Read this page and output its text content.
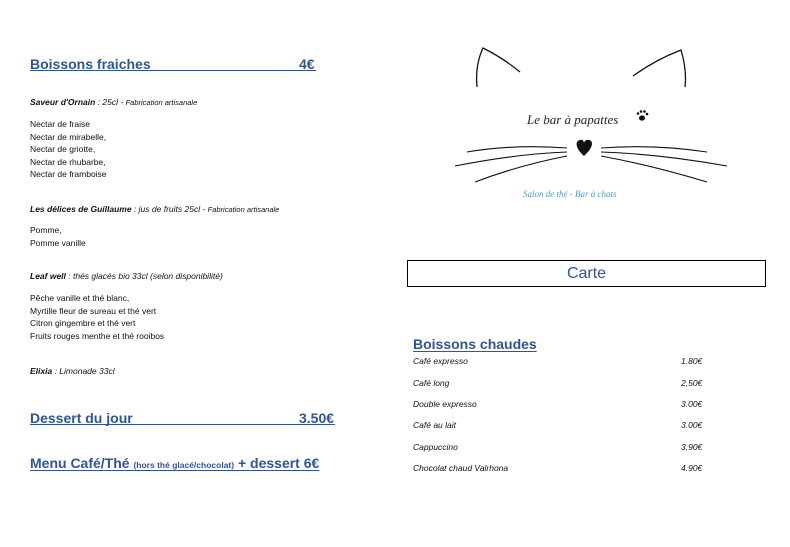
Boissons fraiches	4€
Saveur d'Ornain : 25cl - Fabrication artisanale
Nectar de fraise
Nectar de mirabelle,
Nectar de griotte,
Nectar de rhubarbe,
Nectar de framboise
Les délices de Guillaume : jus de fruits 25cl - Fabrication artisanale
Pomme,
Pomme vanille
Leaf well : thés glacés bio 33cl (selon disponibilité)
Pêche vanille et thé blanc,
Myrtille fleur de sureau et thé vert
Citron gingembre et thé vert
Fruits rouges menthe et thé rooibos
Elixia : Limonade 33cl
Dessert du jour	3.50€
Menu Café/Thé (hors thé glacé/chocolat) + dessert 6€
Le bar à papattes
Salon de thé - Bar à chats
Carte
Boissons chaudes
Café expresso	1.80€
Café long	2,50€
Double expresso	3.00€
Café au lait	3.00€
Cappuccino	3.90€
Chocolat chaud Valrhona	4.90€
